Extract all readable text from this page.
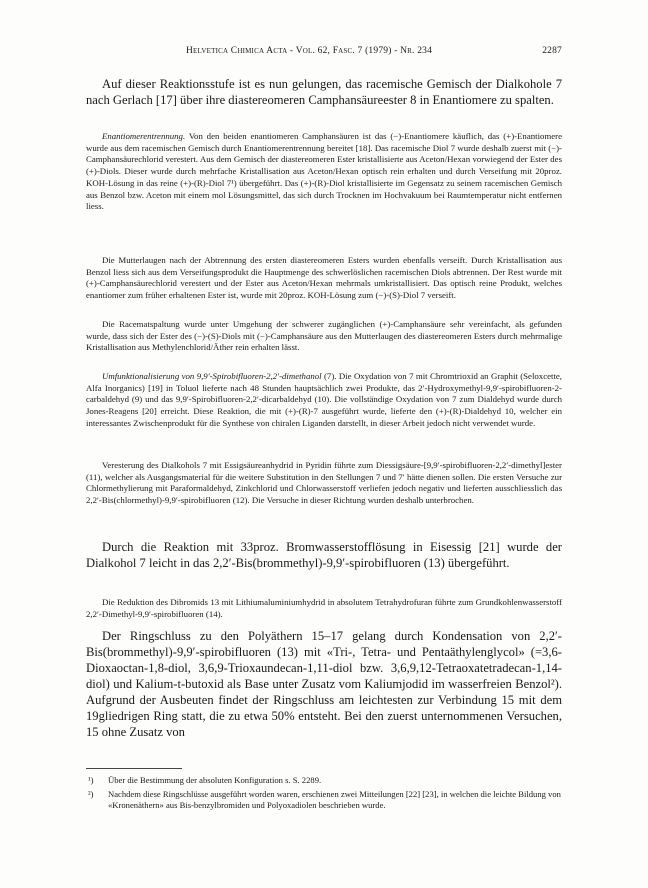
Helvetica Chimica Acta - Vol. 62, Fasc. 7 (1979) - Nr. 234	2287

Auf dieser Reaktionsstufe ist es nun gelungen, das racemische Gemisch der Dialkohole 7 nach Gerlach [17] über ihre diastereomeren Camphansäureester 8 in Enantiomere zu spalten.

Enantiomerentrennung. Von den beiden enantiomeren Camphansäuren ist das (−)-Enantiomere käuflich, das (+)-Enantiomere wurde aus dem racemischen Gemisch durch Enantiomerentrennung bereitet [18]. Das racemische Diol 7 wurde deshalb zuerst mit (−)-Camphansäurechlorid verestert. Aus dem Gemisch der diastereomeren Ester kristallisierte aus Aceton/Hexan vorwiegend der Ester des (+)-Diols. Dieser wurde durch mehrfache Kristallisation aus Aceton/Hexan optisch rein erhalten und durch Verseifung mit 20proz. KOH-Lösung in das reine (+)-(R)-Diol 7¹) übergeführt. Das (+)-(R)-Diol kristallisierte im Gegensatz zu seinem racemischen Gemisch aus Benzol bzw. Aceton mit einem mol Lösungsmittel, das sich durch Trocknen im Hochvakuum bei Raumtemperatur nicht entfernen liess.

Die Mutterlaugen nach der Abtrennung des ersten diastereomeren Esters wurden ebenfalls verseift. Durch Kristallisation aus Benzol liess sich aus dem Verseifungsprodukt die Hauptmenge des schwerlöslichen racemischen Diols abtrennen. Der Rest wurde mit (+)-Camphansäurechlorid verestert und der Ester aus Aceton/Hexan mehrmals umkristallisiert. Das optisch reine Produkt, welches enantiomer zum früher erhaltenen Ester ist, wurde mit 20proz. KOH-Lösung zum (−)-(S)-Diol 7 verseift.

Die Racematspaltung wurde unter Umgehung der schwerer zugänglichen (+)-Camphansäure sehr vereinfacht, als gefunden wurde, dass sich der Ester des (−)-(S)-Diols mit (−)-Camphansäure aus den Mutterlaugen des diastereomeren Esters durch mehrmalige Kristallisation aus Methylenchlorid/Äther rein erhalten lässt.

Umfunktionalisierung von 9,9′-Spirobifluoren-2,2′-dimethanol (7). Die Oxydation von 7 mit Chromtrioxid an Graphit (Seloxcette, Alfa Inorganics) [19] in Toluol lieferte nach 48 Stunden hauptsächlich zwei Produkte, das 2′-Hydroxymethyl-9,9′-spirobifluoren-2-carbaldehyd (9) und das 9,9′-Spirobifluoren-2,2′-dicarbaldehyd (10). Die vollständige Oxydation von 7 zum Dialdehyd wurde durch Jones-Reagens [20] erreicht. Diese Reaktion, die mit (+)-(R)-7 ausgeführt wurde, lieferte den (+)-(R)-Dialdehyd 10, welcher ein interessantes Zwischenprodukt für die Synthese von chiralen Liganden darstellt, in dieser Arbeit jedoch nicht verwendet wurde.

Veresterung des Dialkohols 7 mit Essigsäureanhydrid in Pyridin führte zum Diessigsäure-[9,9′-spirobifluoren-2,2′-dimethyl]ester (11), welcher als Ausgangsmaterial für die weitere Substitution in den Stellungen 7 und 7′ hätte dienen sollen. Die ersten Versuche zur Chlormethylierung mit Paraformaldehyd, Zinkchlorid und Chlorwasserstoff verliefen jedoch negativ und lieferten ausschliesslich das 2,2′-Bis(chlormethyl)-9,9′-spirobifluoren (12). Die Versuche in dieser Richtung wurden deshalb unterbrochen.

Durch die Reaktion mit 33proz. Bromwasserstofflösung in Eisessig [21] wurde der Dialkohol 7 leicht in das 2,2′-Bis(brommethyl)-9,9′-spirobifluoren (13) übergeführt.

Die Reduktion des Dibromids 13 mit Lithiumaluminiumhydrid in absolutem Tetrahydrofuran führte zum Grundkohlenwasserstoff 2,2′-Dimethyl-9,9′-spirobifluoren (14).

Der Ringschluss zu den Polyäthern 15–17 gelang durch Kondensation von 2,2′-Bis(brommethyl)-9,9′-spirobifluoren (13) mit «Tri-, Tetra- und Pentaäthylenglycol» (=3,6-Dioxaoctan-1,8-diol, 3,6,9-Trioxaundecan-1,11-diol bzw. 3,6,9,12-Tetraoxatetradecan-1,14-diol) und Kalium-t-butoxid als Base unter Zusatz vom Kaliumjodid im wasserfreien Benzol²). Aufgrund der Ausbeuten findet der Ringschluss am leichtesten zur Verbindung 15 mit dem 19gliedrigen Ring statt, die zu etwa 50% entsteht. Bei den zuerst unternommenen Versuchen, 15 ohne Zusatz von

¹) Über die Bestimmung der absoluten Konfiguration s. S. 2289.

²) Nachdem diese Ringschlüsse ausgeführt worden waren, erschienen zwei Mitteilungen [22] [23], in welchen die leichte Bildung von «Kronenäthern» aus Bis-benzylbromiden und Polyoxadiolen beschrieben wurde.
